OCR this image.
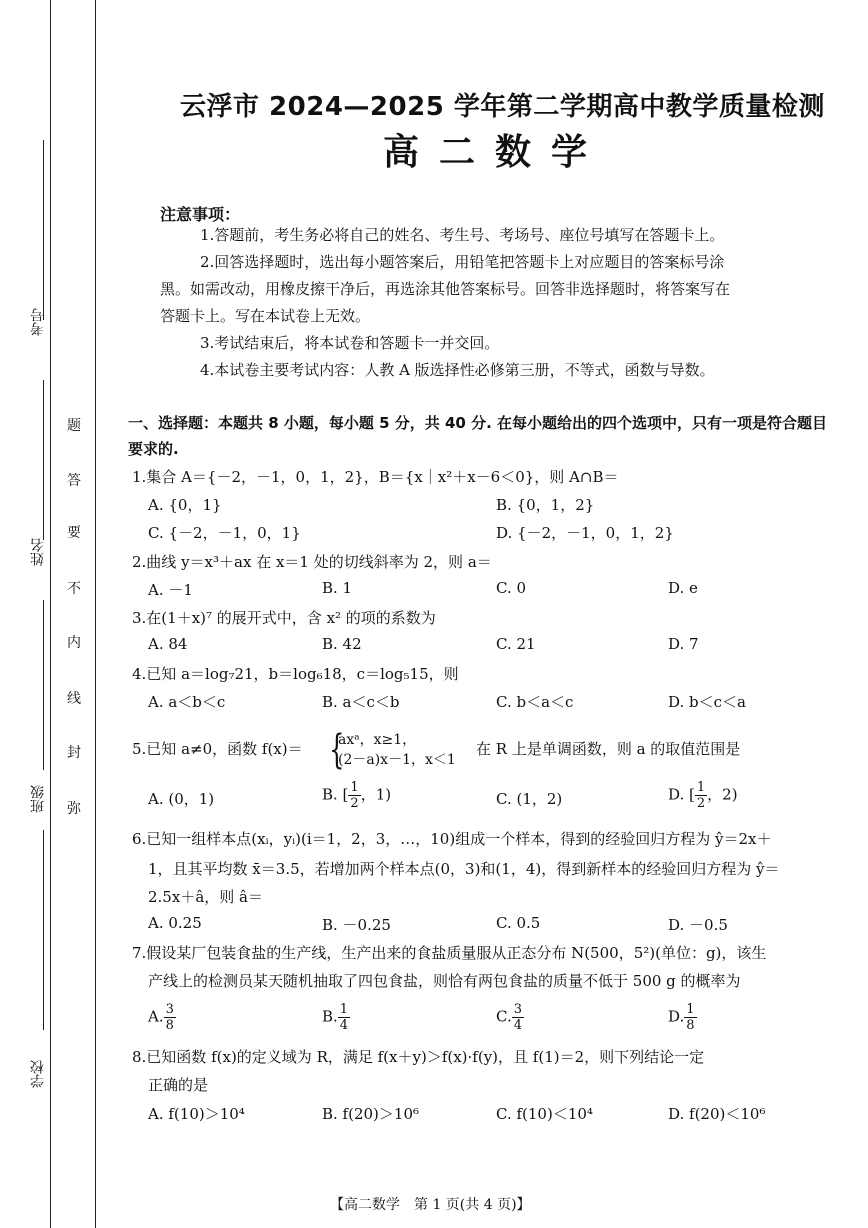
考号
姓名
班级
学校
题
答
要
不
内
线
封
弥
云浮市 2024—2025 学年第二学期高中教学质量检测
高二数学
注意事项：
1.答题前，考生务必将自己的姓名、考生号、考场号、座位号填写在答题卡上。
2.回答选择题时，选出每小题答案后，用铅笔把答题卡上对应题目的答案标号涂
黑。如需改动，用橡皮擦干净后，再选涂其他答案标号。回答非选择题时，将答案写在
答题卡上。写在本试卷上无效。
3.考试结束后，将本试卷和答题卡一并交回。
4.本试卷主要考试内容：人教 A 版选择性必修第三册，不等式，函数与导数。
一、选择题：本题共 8 小题，每小题 5 分，共 40 分. 在每小题给出的四个选项中，只有一项是符合题目要求的.
1.集合 A＝{－2，－1，0，1，2}，B＝{x｜x²＋x－6＜0}，则 A∩B＝
A. {0，1}	B. {0，1，2}
C. {－2，－1，0，1}	D. {－2，－1，0，1，2}
2.曲线 y＝x³＋ax 在 x＝1 处的切线斜率为 2，则 a＝
A. －1	B. 1	C. 0	D. e
3.在(1＋x)⁷ 的展开式中，含 x² 的项的系数为
A. 84	B. 42	C. 21	D. 7
4.已知 a＝log₇21，b＝log₆18，c＝log₅15，则
A. a＜b＜c	B. a＜c＜b	C. b＜a＜c	D. b＜c＜a
5.已知 a≠0，函数 f(x)＝ {
axᵃ，x≥1，
(2－a)x－1，x＜1
在 R 上是单调函数，则 a 的取值范围是
A. (0，1)	B. [ $\frac{1}{2}$ ，1)	C. (1，2)	D. [ $\frac{1}{2}$ ，2)
6.已知一组样本点(xᵢ，yᵢ)(i＝1，2，3，…，10)组成一个样本，得到的经验回归方程为 ŷ＝2x＋
1，且其平均数 x̄＝3.5，若增加两个样本点(0，3)和(1，4)，得到新样本的经验回归方程为 ŷ＝
2.5x＋â，则 â＝
A. 0.25	B. －0.25	C. 0.5	D. －0.5
7.假设某厂包装食盐的生产线，生产出来的食盐质量服从正态分布 N(500，5²)(单位：g)，该生
产线上的检测员某天随机抽取了四包食盐，则恰有两包食盐的质量不低于 500 g 的概率为
A. $\frac{3}{8}$	B. $\frac{1}{4}$	C. $\frac{3}{4}$	D. $\frac{1}{8}$
8.已知函数 f(x)的定义域为 R，满足 f(x＋y)＞f(x)·f(y)，且 f(1)＝2，则下列结论一定
正确的是
A. f(10)＞10⁴	B. f(20)＞10⁶	C. f(10)＜10⁴	D. f(20)＜10⁶
【高二数学　第 1 页(共 4 页)】
